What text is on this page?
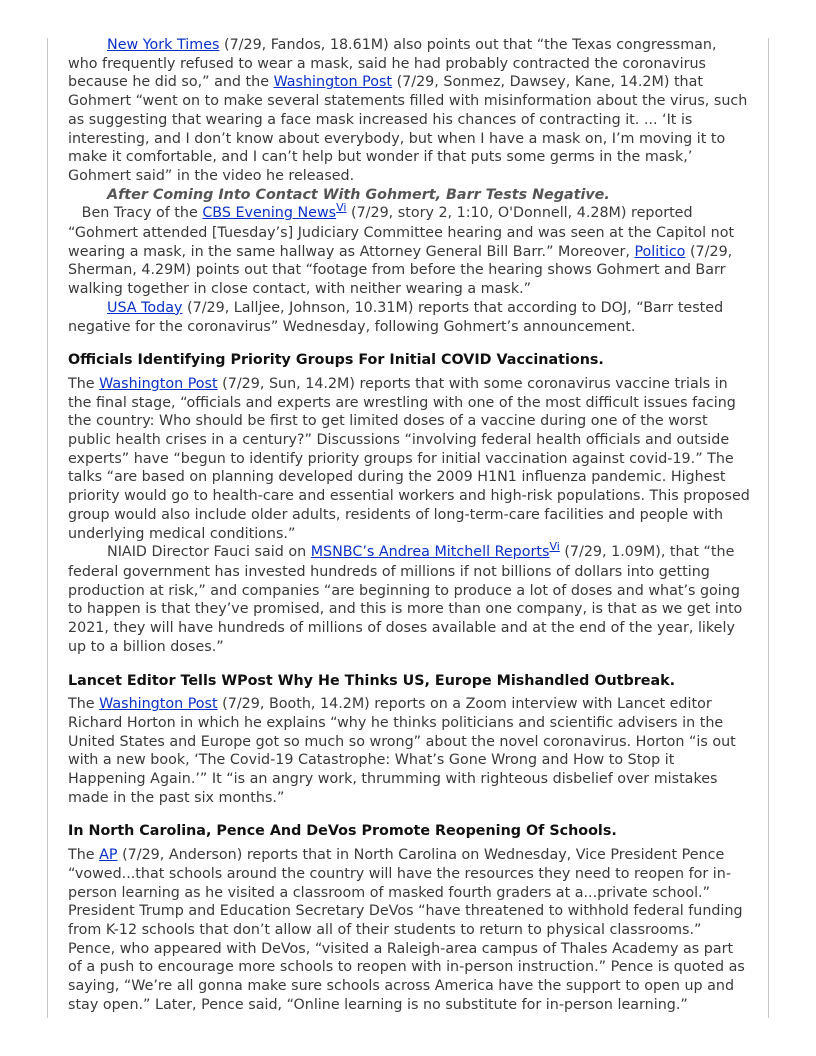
New York Times (7/29, Fandos, 18.61M) also points out that “the Texas congressman, who frequently refused to wear a mask, said he had probably contracted the coronavirus because he did so,” and the Washington Post (7/29, Sonmez, Dawsey, Kane, 14.2M) that Gohmert “went on to make several statements filled with misinformation about the virus, such as suggesting that wearing a face mask increased his chances of contracting it. ... ‘It is interesting, and I don’t know about everybody, but when I have a mask on, I’m moving it to make it comfortable, and I can’t help but wonder if that puts some germs in the mask,’ Gohmert said” in the video he released.

After Coming Into Contact With Gohmert, Barr Tests Negative.   Ben Tracy of the CBS Evening News$^{Vi}$ (7/29, story 2, 1:10, O'Donnell, 4.28M) reported “Gohmert attended [Tuesday’s] Judiciary Committee hearing and was seen at the Capitol not wearing a mask, in the same hallway as Attorney General Bill Barr.” Moreover, Politico (7/29, Sherman, 4.29M) points out that “footage from before the hearing shows Gohmert and Barr walking together in close contact, with neither wearing a mask.”

USA Today (7/29, Lalljee, Johnson, 10.31M) reports that according to DOJ, “Barr tested negative for the coronavirus” Wednesday, following Gohmert’s announcement.

Officials Identifying Priority Groups For Initial COVID Vaccinations.

The Washington Post (7/29, Sun, 14.2M) reports that with some coronavirus vaccine trials in the final stage, “officials and experts are wrestling with one of the most difficult issues facing the country: Who should be first to get limited doses of a vaccine during one of the worst public health crises in a century?” Discussions “involving federal health officials and outside experts” have “begun to identify priority groups for initial vaccination against covid-19.” The talks “are based on planning developed during the 2009 H1N1 influenza pandemic. Highest priority would go to health-care and essential workers and high-risk populations. This proposed group would also include older adults, residents of long-term-care facilities and people with underlying medical conditions.”

NIAID Director Fauci said on MSNBC’s Andrea Mitchell Reports$^{Vi}$ (7/29, 1.09M), that “the federal government has invested hundreds of millions if not billions of dollars into getting production at risk,” and companies “are beginning to produce a lot of doses and what’s going to happen is that they’ve promised, and this is more than one company, is that as we get into 2021, they will have hundreds of millions of doses available and at the end of the year, likely up to a billion doses.”

Lancet Editor Tells WPost Why He Thinks US, Europe Mishandled Outbreak.

The Washington Post (7/29, Booth, 14.2M) reports on a Zoom interview with Lancet editor Richard Horton in which he explains “why he thinks politicians and scientific advisers in the United States and Europe got so much so wrong” about the novel coronavirus. Horton “is out with a new book, ‘The Covid-19 Catastrophe: What’s Gone Wrong and How to Stop it Happening Again.’” It “is an angry work, thrumming with righteous disbelief over mistakes made in the past six months.”

In North Carolina, Pence And DeVos Promote Reopening Of Schools.

The AP (7/29, Anderson) reports that in North Carolina on Wednesday, Vice President Pence “vowed...that schools around the country will have the resources they need to reopen for in-person learning as he visited a classroom of masked fourth graders at a...private school.” President Trump and Education Secretary DeVos “have threatened to withhold federal funding from K-12 schools that don’t allow all of their students to return to physical classrooms.” Pence, who appeared with DeVos, “visited a Raleigh-area campus of Thales Academy as part of a push to encourage more schools to reopen with in-person instruction.” Pence is quoted as saying, “We’re all gonna make sure schools across America have the support to open up and stay open.” Later, Pence said, “Online learning is no substitute for in-person learning.”
